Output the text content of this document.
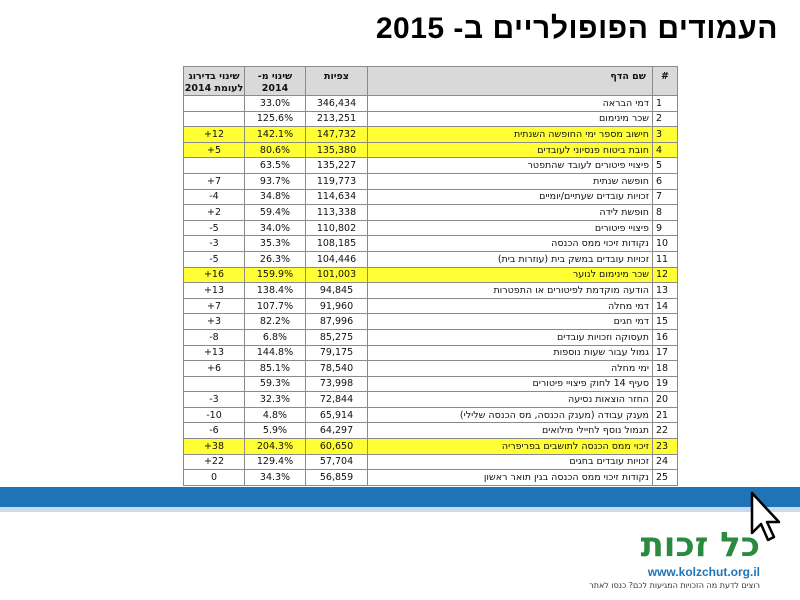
העמודים הפופולריים ב- 2015
שינוי בדירוג לעומת 2014	שינוי מ- 2014	צפיות	שם הדף	#
	33.0%	346,434	דמי הבראה	1
	125.6%	213,251	שכר מינימום	2
+12	142.1%	147,732	חישוב מספר ימי החופשה השנתית	3
+5	80.6%	135,380	חובת ביטוח פנסיוני לעובדים	4
	63.5%	135,227	פיצויי פיטורים לעובד שהתפטר	5
+7	93.7%	119,773	חופשה שנתית	6
-4	34.8%	114,634	זכויות עובדים שעתיים/יומיים	7
+2	59.4%	113,338	חופשת לידה	8
-5	34.0%	110,802	פיצויי פיטורים	9
-3	35.3%	108,185	נקודות זיכוי ממס הכנסה	10
-5	26.3%	104,446	זכויות עובדים במשק בית (עוזרות בית)	11
+16	159.9%	101,003	שכר מינימום לנוער	12
+13	138.4%	94,845	הודעה מוקדמת לפיטורים או התפטרות	13
+7	107.7%	91,960	דמי מחלה	14
+3	82.2%	87,996	דמי חגים	15
-8	6.8%	85,275	תעסוקה וזכויות עובדים	16
+13	144.8%	79,175	גמול עבור שעות נוספות	17
+6	85.1%	78,540	ימי מחלה	18
	59.3%	73,998	סעיף 14 לחוק פיצויי פיטורים	19
-3	32.3%	72,844	החזר הוצאות נסיעה	20
-10	4.8%	65,914	מענק עבודה (מענק הכנסה, מס הכנסה שלילי)	21
-6	5.9%	64,297	תגמול נוסף לחיילי מילואים	22
+38	204.3%	60,650	זיכוי ממס הכנסה לתושבים בפריפריה	23
+22	129.4%	57,704	זכויות עובדים בחגים	24
0	34.3%	56,859	נקודות זיכוי ממס הכנסה בגין תואר ראשון	25
כל זכות
www.kolzchut.org.il
רוצים לדעת מה הזכויות המגיעות לכם? כנסו לאתר
